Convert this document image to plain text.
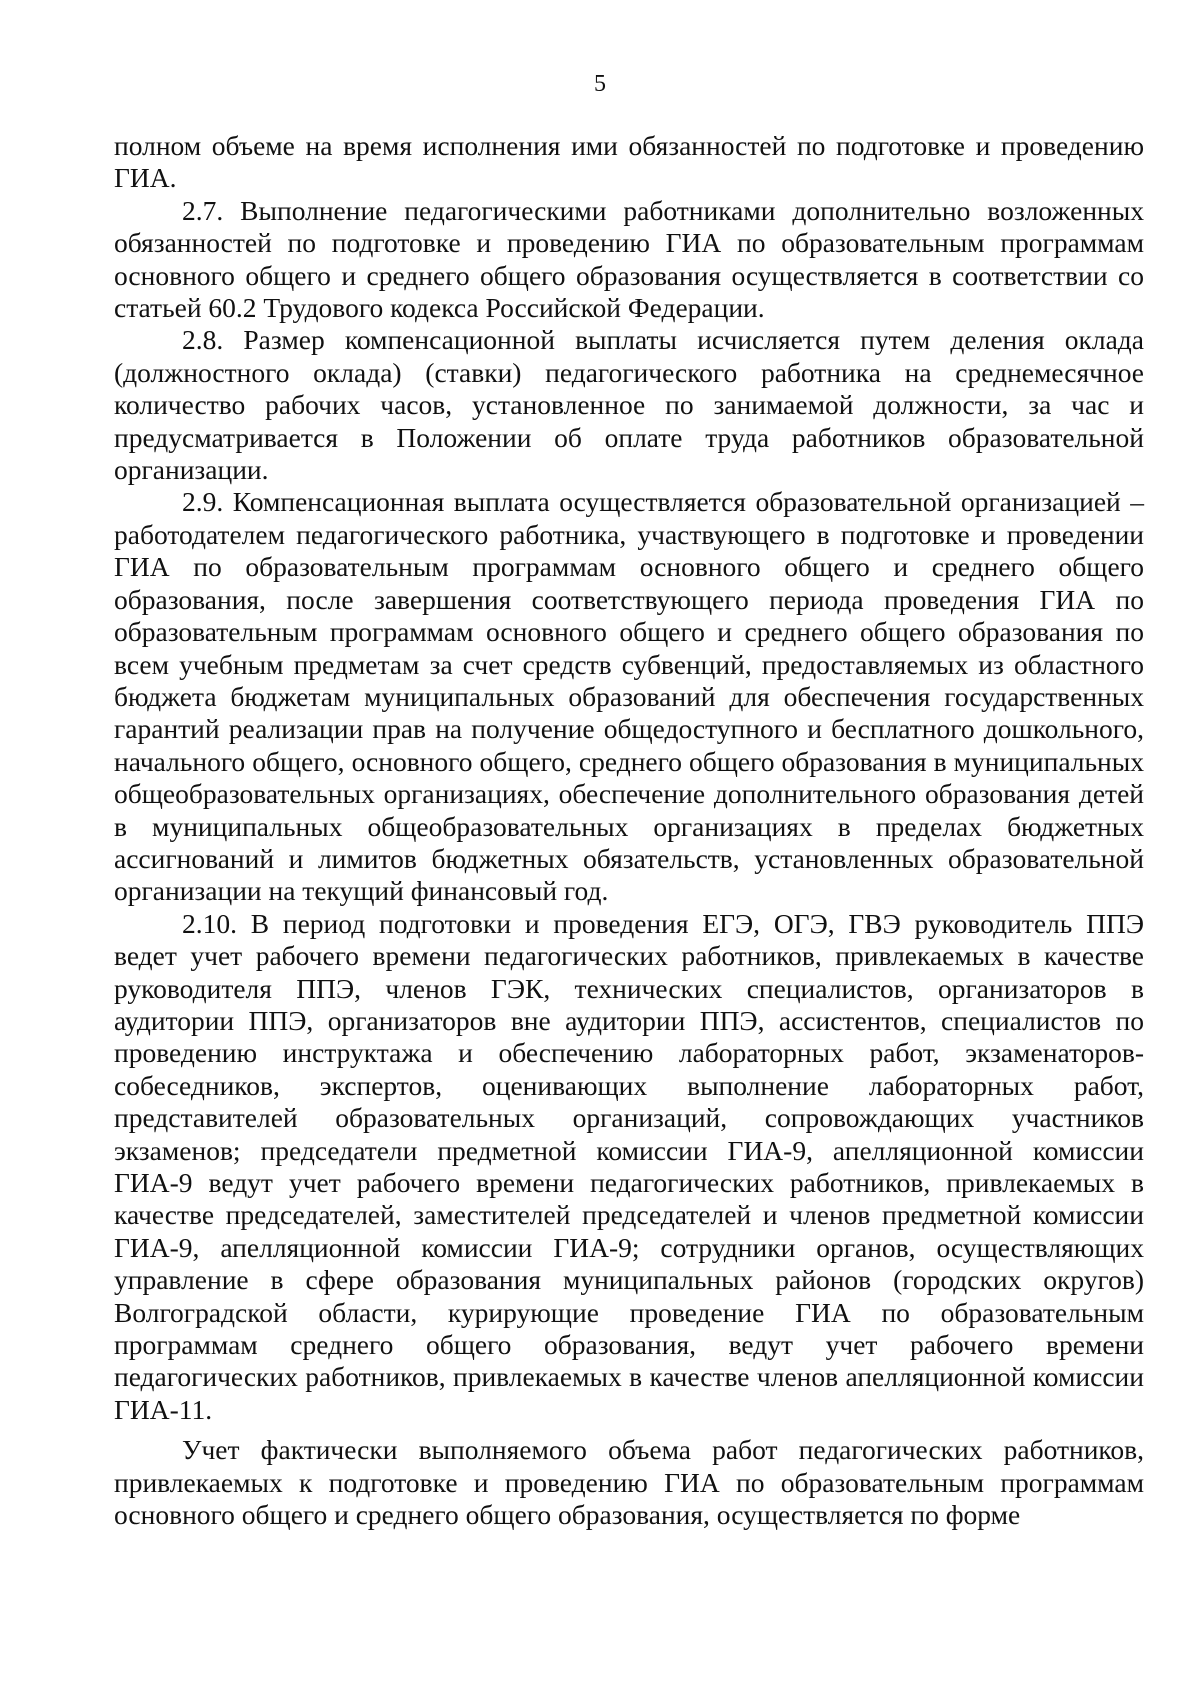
5

полном объеме на время исполнения ими обязанностей по подготовке и проведению ГИА.

2.7. Выполнение педагогическими работниками дополнительно возложенных обязанностей по подготовке и проведению ГИА по образовательным программам основного общего и среднего общего образования осуществляется в соответствии со статьей 60.2 Трудового кодекса Российской Федерации.

2.8. Размер компенсационной выплаты исчисляется путем деления оклада (должностного оклада) (ставки) педагогического работника на среднемесячное количество рабочих часов, установленное по занимаемой должности, за час и предусматривается в Положении об оплате труда работников образовательной организации.

2.9. Компенсационная выплата осуществляется образовательной организацией – работодателем педагогического работника, участвующего в подготовке и проведении ГИА по образовательным программам основного общего и среднего общего образования, после завершения соответствующего периода проведения ГИА по образовательным программам основного общего и среднего общего образования по всем учебным предметам за счет средств субвенций, предоставляемых из областного бюджета бюджетам муниципальных образований для обеспечения государственных гарантий реализации прав на получение общедоступного и бесплатного дошкольного, начального общего, основного общего, среднего общего образования в муниципальных общеобразовательных организациях, обеспечение дополнительного образования детей в муниципальных общеобразовательных организациях в пределах бюджетных ассигнований и лимитов бюджетных обязательств, установленных образовательной организации на текущий финансовый год.

2.10. В период подготовки и проведения ЕГЭ, ОГЭ, ГВЭ руководитель ППЭ ведет учет рабочего времени педагогических работников, привлекаемых в качестве руководителя ППЭ, членов ГЭК, технических специалистов, организаторов в аудитории ППЭ, организаторов вне аудитории ППЭ, ассистентов, специалистов по проведению инструктажа и обеспечению лабораторных работ, экзаменаторов-собеседников, экспертов, оценивающих выполнение лабораторных работ, представителей образовательных организаций, сопровождающих участников экзаменов; председатели предметной комиссии ГИА-9, апелляционной комиссии ГИА-9 ведут учет рабочего времени педагогических работников, привлекаемых в качестве председателей, заместителей председателей и членов предметной комиссии ГИА-9, апелляционной комиссии ГИА-9; сотрудники органов, осуществляющих управление в сфере образования муниципальных районов (городских округов) Волгоградской области, курирующие проведение ГИА по образовательным программам среднего общего образования, ведут учет рабочего времени педагогических работников, привлекаемых в качестве членов апелляционной комиссии ГИА-11.

Учет фактически выполняемого объема работ педагогических работников, привлекаемых к подготовке и проведению ГИА по образовательным программам основного общего и среднего общего образования, осуществляется по форме
